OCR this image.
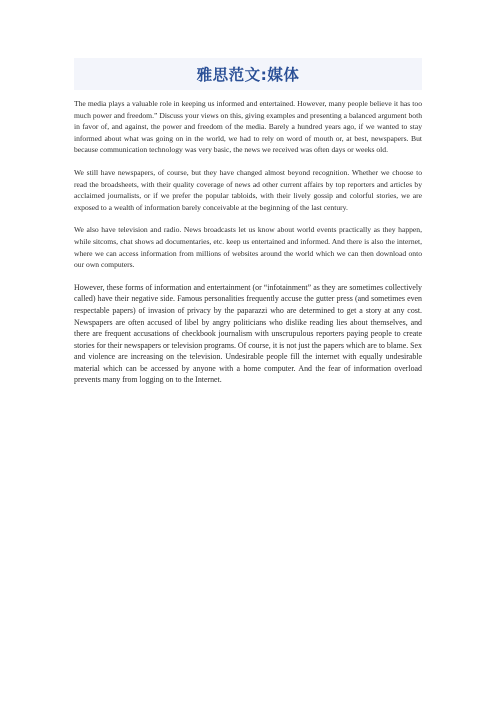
雅思范文:媒体

The media plays a valuable role in keeping us informed and entertained. However, many people believe it has too much power and freedom.” Discuss your views on this, giving examples and presenting a balanced argument both in favor of, and against, the power and freedom of the media. Barely a hundred years ago, if we wanted to stay informed about what was going on in the world, we had to rely on word of mouth or, at best, newspapers. But because communication technology was very basic, the news we received was often days or weeks old.

We still have newspapers, of course, but they have changed almost beyond recognition. Whether we choose to read the broadsheets, with their quality coverage of news ad other current affairs by top reporters and articles by acclaimed journalists, or if we prefer the popular tabloids, with their lively gossip and colorful stories, we are exposed to a wealth of information barely conceivable at the beginning of the last century.

We also have television and radio. News broadcasts let us know about world events practically as they happen, while sitcoms, chat shows ad documentaries, etc. keep us entertained and informed. And there is also the internet, where we can access information from millions of websites around the world which we can then download onto our own computers.

However, these forms of information and entertainment (or “infotainment” as they are sometimes collectively called) have their negative side. Famous personalities frequently accuse the gutter press (and sometimes even respectable papers) of invasion of privacy by the paparazzi who are determined to get a story at any cost. Newspapers are often accused of libel by angry politicians who dislike reading lies about themselves, and there are frequent accusations of checkbook journalism with unscrupulous reporters paying people to create stories for their newspapers or television programs. Of course, it is not just the papers which are to blame. Sex and violence are increasing on the television. Undesirable people fill the internet with equally undesirable material which can be accessed by anyone with a home computer. And the fear of information overload prevents many from logging on to the Internet.
